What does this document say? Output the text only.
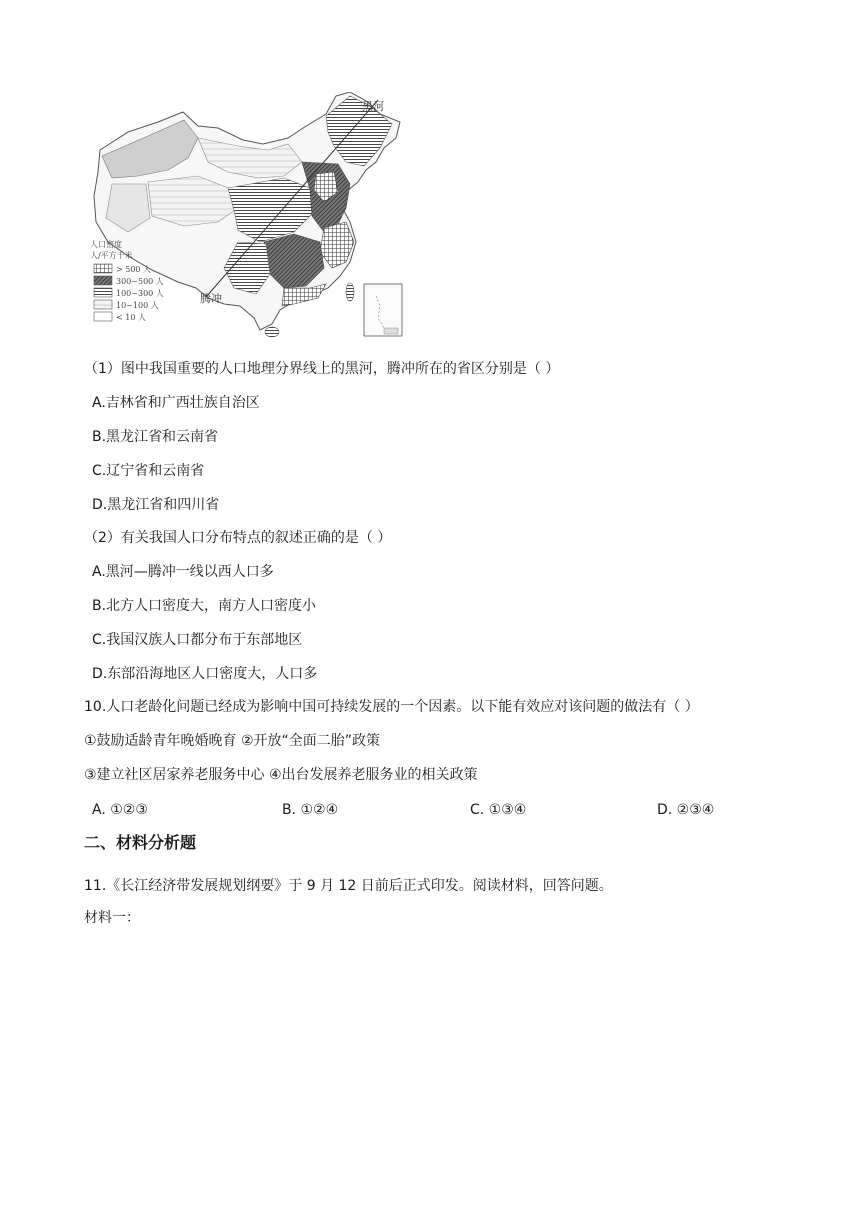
黑河
腾冲
人口密度
人/平方千米
> 500 人
300~500 人
100~300 人
10~100 人
< 10 人
（1）图中我国重要的人口地理分界线上的黑河，腾冲所在的省区分别是（ ）
A.吉林省和广西壮族自治区
B.黑龙江省和云南省
C.辽宁省和云南省
D.黑龙江省和四川省
（2）有关我国人口分布特点的叙述正确的是（ ）
A.黑河—腾冲一线以西人口多
B.北方人口密度大，南方人口密度小
C.我国汉族人口都分布于东部地区
D.东部沿海地区人口密度大，人口多
10.人口老龄化问题已经成为影响中国可持续发展的一个因素。以下能有效应对该问题的做法有（ ）
①鼓励适龄青年晚婚晚育 ②开放“全面二胎”政策
③建立社区居家养老服务中心 ④出台发展养老服务业的相关政策
A. ①②③	B. ①②④	C. ①③④	D. ②③④
二、材料分析题
11.《长江经济带发展规划纲要》于 9 月 12 日前后正式印发。阅读材料，回答问题。
材料一：
